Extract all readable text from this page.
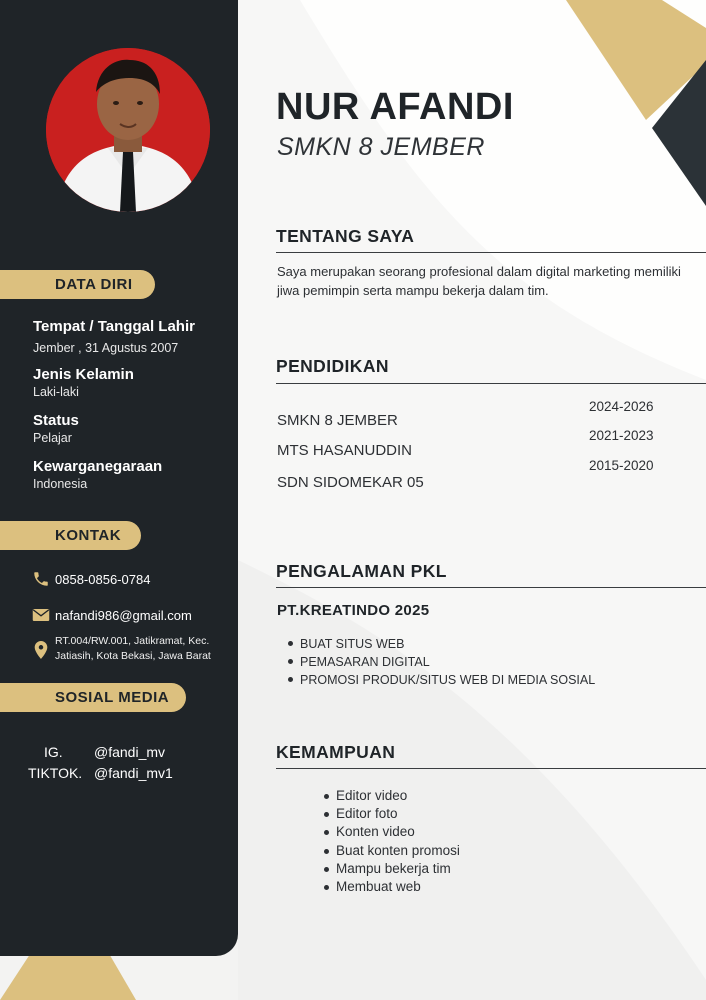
DATA DIRI
Tempat / Tanggal Lahir
Jember , 31 Agustus 2007
Jenis Kelamin
Laki-laki
Status
Pelajar
Kewarganegaraan
Indonesia
KONTAK
0858-0856-0784
nafandi986@gmail.com
RT.004/RW.001, Jatikramat, Kec.
Jatiasih, Kota Bekasi, Jawa Barat
SOSIAL MEDIA
IG. @fandi_mv
TIKTOK. @fandi_mv1
NUR AFANDI
SMKN 8 JEMBER
TENTANG SAYA
Saya merupakan seorang profesional dalam digital marketing memiliki jiwa pemimpin serta mampu bekerja dalam tim.
PENDIDIKAN
SMKN 8 JEMBER
MTS HASANUDDIN
SDN SIDOMEKAR 05
2024-2026
2021-2023
2015-2020
PENGALAMAN PKL
PT.KREATINDO 2025
BUAT SITUS WEB
PEMASARAN DIGITAL
PROMOSI PRODUK/SITUS WEB DI MEDIA SOSIAL
KEMAMPUAN
Editor video
Editor foto
Konten video
Buat konten promosi
Mampu bekerja tim
Membuat web
